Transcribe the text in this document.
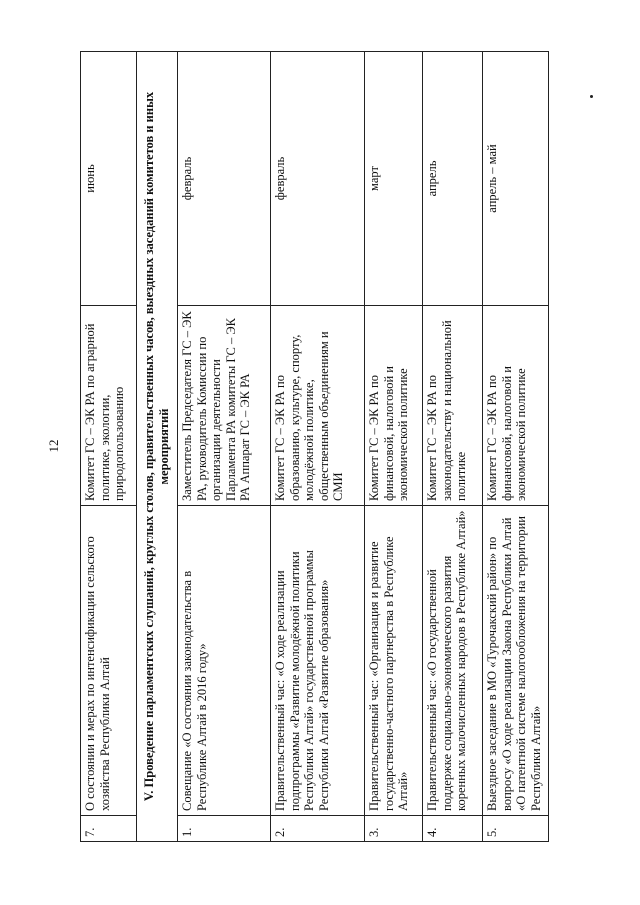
12
7.	О состоянии и мерах по интенсификации сельского хозяйства Республики Алтай	Комитет ГС – ЭК РА по аграрной политике, экологии, природопользованию	июнь
V. Проведение парламентских слушаний, круглых столов, правительственных часов, выездных заседаний комитетов и иных мероприятий			
1.	Совещание «О состоянии законодательства в Республике Алтай в 2016 году»	Заместитель Председателя ГС – ЭК РА, руководитель Комиссии по организации деятельности Парламента РА комитеты ГС – ЭК РА Аппарат ГС – ЭК РА	февраль
2.	Правительственный час: «О ходе реализации подпрограммы «Развитие молодёжной политики Республики Алтай» государственной программы Республики Алтай «Развитие образования»	Комитет ГС – ЭК РА по образованию, культуре, спорту, молодёжной политике, общественным объединениям и СМИ	февраль
3.	Правительственный час: «Организация и развитие государственно-частного партнерства в Республике Алтай»	Комитет ГС – ЭК РА по финансовой, налоговой и экономической политике	март
4.	Правительственный час: «О государственной поддержке социально-экономического развития коренных малочисленных народов в Республике Алтай»	Комитет ГС – ЭК РА по законодательству и национальной политике	апрель
5.	Выездное заседание в МО «Турочакский район» по вопросу «О ходе реализации Закона Республики Алтай «О патентной системе налогообложения на территории Республики Алтай»	Комитет ГС – ЭК РА по финансовой, налоговой и экономической политике	апрель – май
